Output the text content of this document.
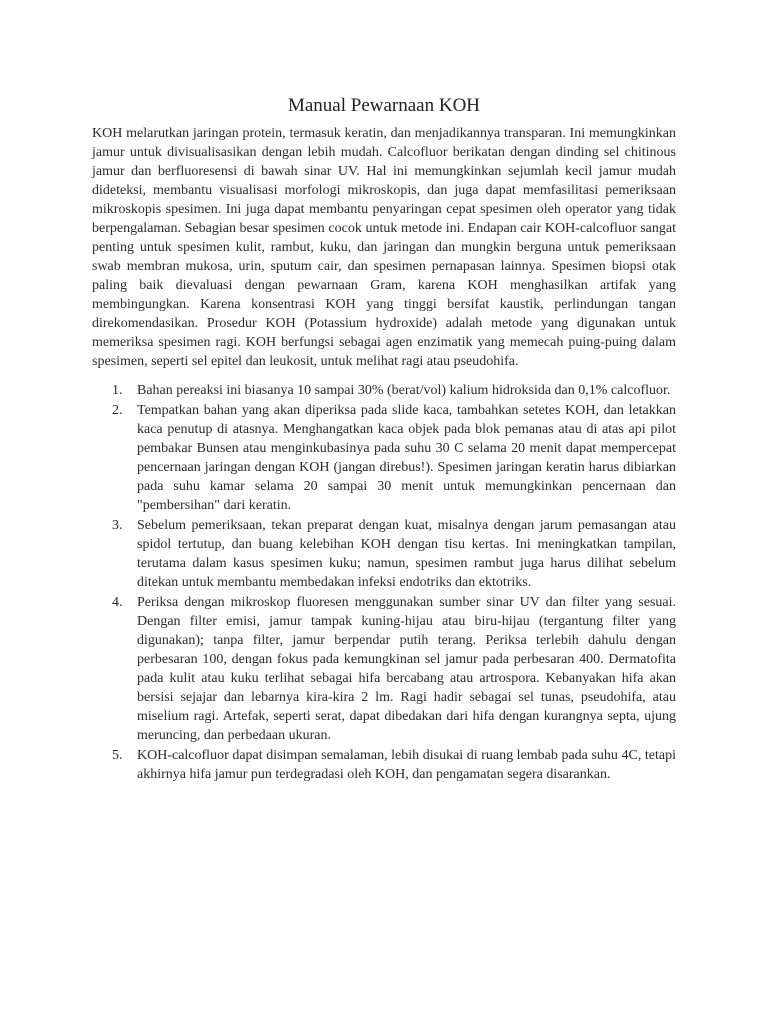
Manual Pewarnaan KOH

KOH melarutkan jaringan protein, termasuk keratin, dan menjadikannya transparan. Ini memungkinkan jamur untuk divisualisasikan dengan lebih mudah. Calcofluor berikatan dengan dinding sel chitinous jamur dan berfluoresensi di bawah sinar UV. Hal ini memungkinkan sejumlah kecil jamur mudah dideteksi, membantu visualisasi morfologi mikroskopis, dan juga dapat memfasilitasi pemeriksaan mikroskopis spesimen. Ini juga dapat membantu penyaringan cepat spesimen oleh operator yang tidak berpengalaman. Sebagian besar spesimen cocok untuk metode ini. Endapan cair KOH-calcofluor sangat penting untuk spesimen kulit, rambut, kuku, dan jaringan dan mungkin berguna untuk pemeriksaan swab membran mukosa, urin, sputum cair, dan spesimen pernapasan lainnya. Spesimen biopsi otak paling baik dievaluasi dengan pewarnaan Gram, karena KOH menghasilkan artifak yang membingungkan. Karena konsentrasi KOH yang tinggi bersifat kaustik, perlindungan tangan direkomendasikan. Prosedur KOH (Potassium hydroxide) adalah metode yang digunakan untuk memeriksa spesimen ragi. KOH berfungsi sebagai agen enzimatik yang memecah puing-puing dalam spesimen, seperti sel epitel dan leukosit, untuk melihat ragi atau pseudohifa.

1. Bahan pereaksi ini biasanya 10 sampai 30% (berat/vol) kalium hidroksida dan 0,1% calcofluor.
2. Tempatkan bahan yang akan diperiksa pada slide kaca, tambahkan setetes KOH, dan letakkan kaca penutup di atasnya. Menghangatkan kaca objek pada blok pemanas atau di atas api pilot pembakar Bunsen atau menginkubasinya pada suhu 30 C selama 20 menit dapat mempercepat pencernaan jaringan dengan KOH (jangan direbus!). Spesimen jaringan keratin harus dibiarkan pada suhu kamar selama 20 sampai 30 menit untuk memungkinkan pencernaan dan "pembersihan" dari keratin.
3. Sebelum pemeriksaan, tekan preparat dengan kuat, misalnya dengan jarum pemasangan atau spidol tertutup, dan buang kelebihan KOH dengan tisu kertas. Ini meningkatkan tampilan, terutama dalam kasus spesimen kuku; namun, spesimen rambut juga harus dilihat sebelum ditekan untuk membantu membedakan infeksi endotriks dan ektotriks.
4. Periksa dengan mikroskop fluoresen menggunakan sumber sinar UV dan filter yang sesuai. Dengan filter emisi, jamur tampak kuning-hijau atau biru-hijau (tergantung filter yang digunakan); tanpa filter, jamur berpendar putih terang. Periksa terlebih dahulu dengan perbesaran 100, dengan fokus pada kemungkinan sel jamur pada perbesaran 400. Dermatofita pada kulit atau kuku terlihat sebagai hifa bercabang atau artrospora. Kebanyakan hifa akan bersisi sejajar dan lebarnya kira-kira 2 lm. Ragi hadir sebagai sel tunas, pseudohifa, atau miselium ragi. Artefak, seperti serat, dapat dibedakan dari hifa dengan kurangnya septa, ujung meruncing, dan perbedaan ukuran.
5. KOH-calcofluor dapat disimpan semalaman, lebih disukai di ruang lembab pada suhu 4C, tetapi akhirnya hifa jamur pun terdegradasi oleh KOH, dan pengamatan segera disarankan.
